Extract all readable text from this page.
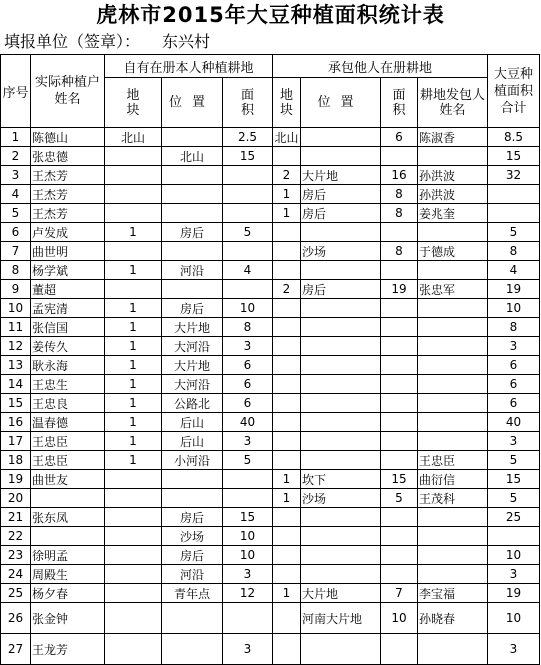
虎林市2015年大豆种植面积统计表
填报单位（签章）： 东兴村
序号	实际种植户姓名	自有在册本人种植耕地			承包他人在册耕地				大豆种植面积合计
		地块	位置	面积	地块	位置	面积	耕地发包人姓名	
1	陈德山	北山		2.5	北山		6	陈淑香	8.5
2	张忠德		北山	15					15
3	王杰芳				2	大片地	16	孙洪波	32
4	王杰芳				1	房后	8	孙洪波	
5	王杰芳				1	房后	8	姜兆奎	
6	卢发成	1	房后	5					5
7	曲世明					沙场	8	于德成	8
8	杨学斌	1	河沿	4					4
9	董超				2	房后	19	张忠军	19
10	孟宪清	1	房后	10					10
11	张信国	1	大片地	8					8
12	姜传久	1	大河沿	3					3
13	耿永海	1	大片地	6					6
14	王忠生	1	大河沿	6					6
15	王忠良	1	公路北	6					6
16	温春德	1	后山	40					40
17	王忠臣	1	后山	3					3
18	王忠臣	1	小河沿	5				王忠臣	5
19	曲世友				1	坎下	15	曲衍信	15
20					1	沙场	5	王茂科	5
21	张东凤		房后	15					25
22			沙场	10					
23	徐明孟		房后	10					10
24	周殿生		河沿	3					3
25	杨夕春		青年点	12	1	大片地	7	李宝福	19
26	张金钟					河南大片地	10	孙晓春	10
27	王龙芳			3					3
